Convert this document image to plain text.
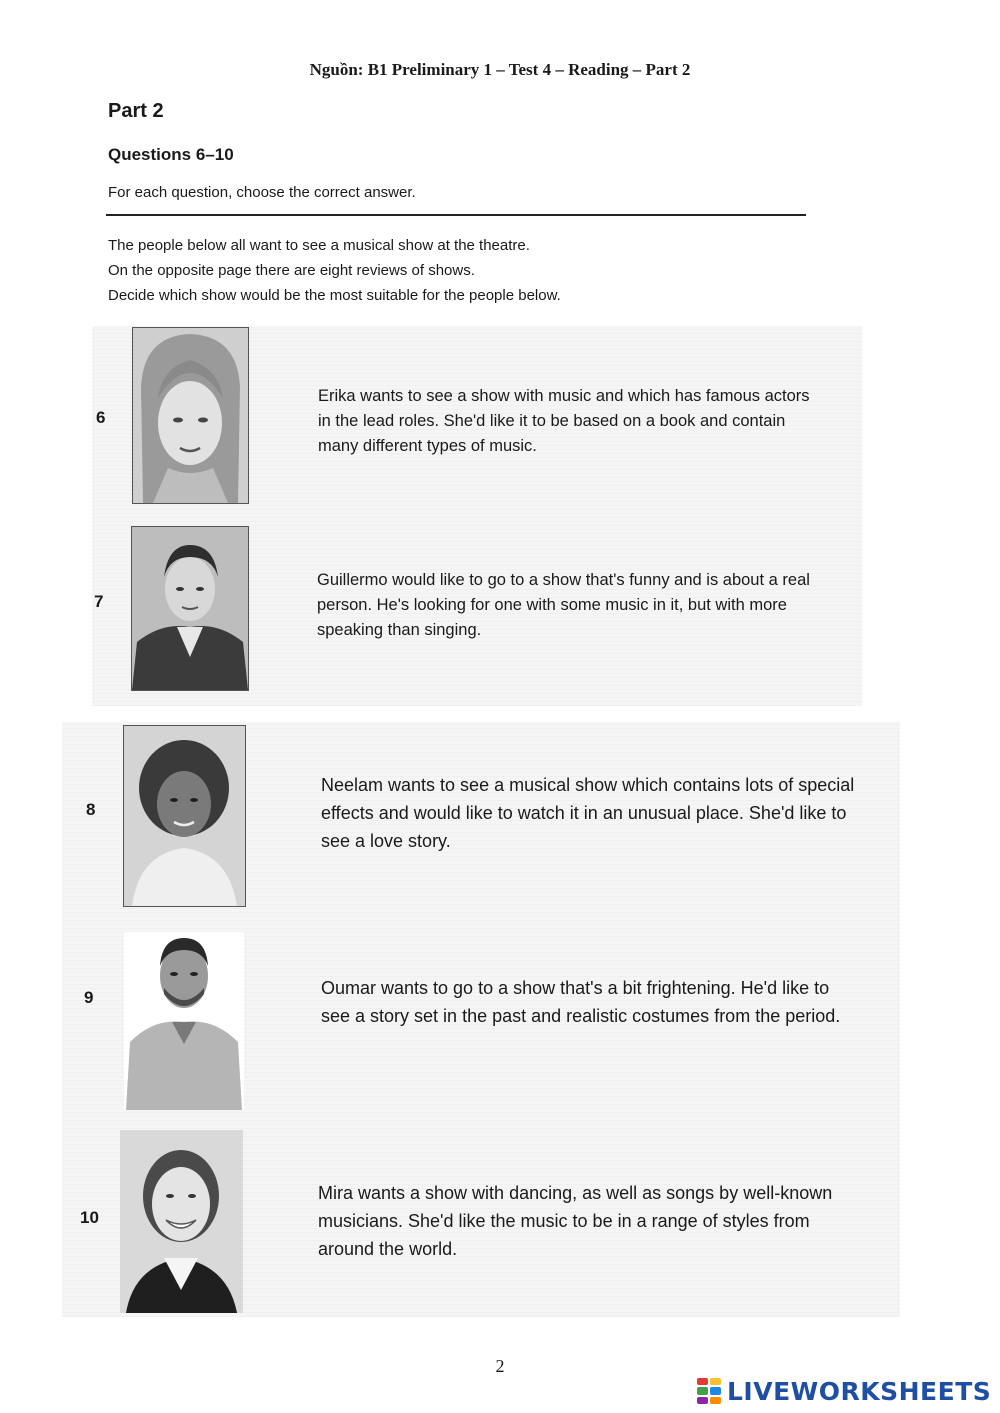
Nguồn: B1 Preliminary 1 – Test 4 – Reading – Part 2
Part 2
Questions 6–10
For each question, choose the correct answer.
The people below all want to see a musical show at the theatre.
On the opposite page there are eight reviews of shows.
Decide which show would be the most suitable for the people below.
6
Erika wants to see a show with music and which has famous actors
in the lead roles. She'd like it to be based on a book and contain
many different types of music.
7
Guillermo would like to go to a show that's funny and is about a real
person. He's looking for one with some music in it, but with more
speaking than singing.
8
Neelam wants to see a musical show which contains lots of special
effects and would like to watch it in an unusual place. She'd like to
see a love story.
9	Oumar wants to go to a show that's a bit frightening. He'd like to
see a story set in the past and realistic costumes from the period.
10
Mira wants a show with dancing, as well as songs by well-known
musicians. She'd like the music to be in a range of styles from
around the world.
2
LIVEWORKSHEETS
